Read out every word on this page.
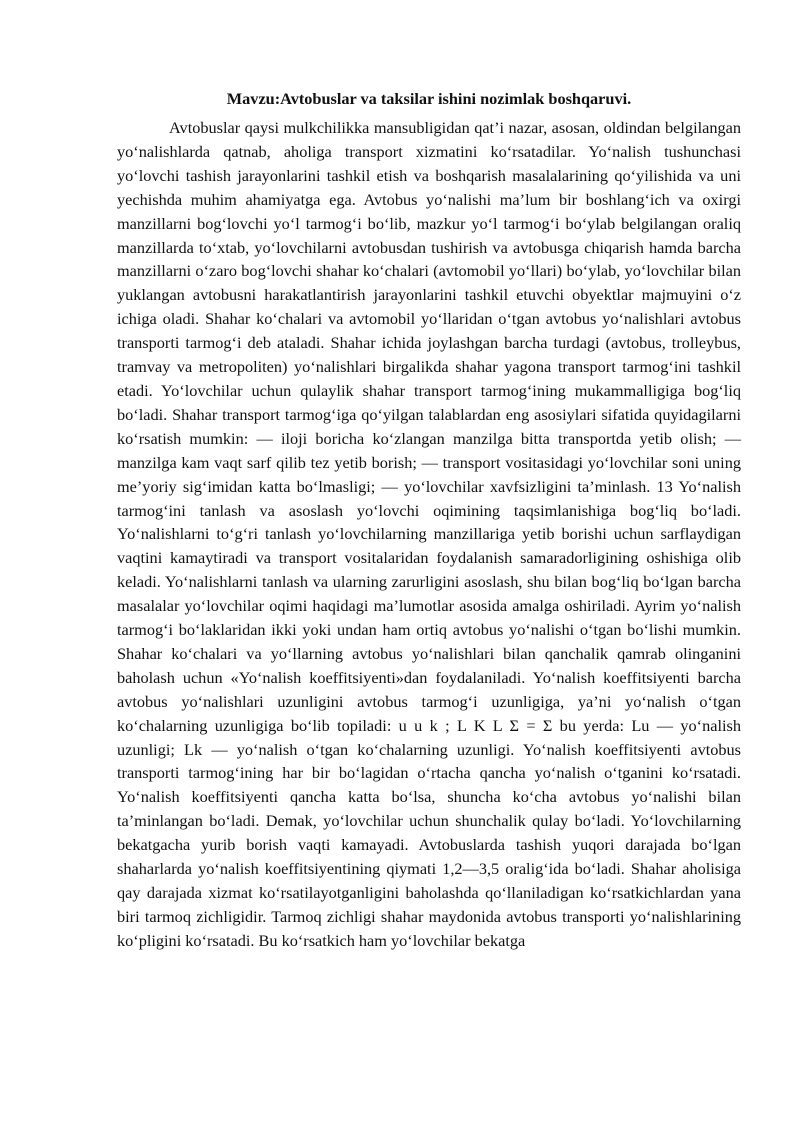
Mavzu:Avtobuslar va taksilar ishini nozimlak boshqaruvi.

Avtobuslar qaysi mulkchilikka mansubligidan qat’i nazar, asosan, oldindan belgilangan yo‘nalishlarda qatnab, aholiga transport xizmatini ko‘rsatadilar. Yo‘nalish tushunchasi yo‘lovchi tashish jarayonlarini tashkil etish va boshqarish masalalarining qo‘yilishida va uni yechishda muhim ahamiyatga ega. Avtobus yo‘nalishi ma’lum bir boshlang‘ich va oxirgi manzillarni bog‘lovchi yo‘l tarmog‘i bo‘lib, mazkur yo‘l tarmog‘i bo‘ylab belgilangan oraliq manzillarda to‘xtab, yo‘lovchilarni avtobusdan tushirish va avtobusga chiqarish hamda barcha manzillarni o‘zaro bog‘lovchi shahar ko‘chalari (avtomobil yo‘llari) bo‘ylab, yo‘lovchilar bilan yuklangan avtobusni harakatlantirish jarayonlarini tashkil etuvchi obyektlar majmuyini o‘z ichiga oladi. Shahar ko‘chalari va avtomobil yo‘llaridan o‘tgan avtobus yo‘nalishlari avtobus transporti tarmog‘i deb ataladi. Shahar ichida joylashgan barcha turdagi (avtobus, trolleybus, tramvay va metropoliten) yo‘nalishlari birgalikda shahar yagona transport tarmog‘ini tashkil etadi. Yo‘lovchilar uchun qulaylik shahar transport tarmog‘ining mukammalligiga bog‘liq bo‘ladi. Shahar transport tarmog‘iga qo‘yilgan talablardan eng asosiylari sifatida quyidagilarni ko‘rsatish mumkin: — iloji boricha ko‘zlangan manzilga bitta transportda yetib olish; — manzilga kam vaqt sarf qilib tez yetib borish; — transport vositasidagi yo‘lovchilar soni uning me’yoriy sig‘imidan katta bo‘lmasligi; — yo‘lovchilar xavfsizligini ta’minlash. 13 Yo‘nalish tarmog‘ini tanlash va asoslash yo‘lovchi oqimining taqsimlanishiga bog‘liq bo‘ladi. Yo‘nalishlarni to‘g‘ri tanlash yo‘lovchilarning manzillariga yetib borishi uchun sarflaydigan vaqtini kamaytiradi va transport vositalaridan foydalanish samaradorligining oshishiga olib keladi. Yo‘nalishlarni tanlash va ularning zarurligini asoslash, shu bilan bog‘liq bo‘lgan barcha masalalar yo‘lovchilar oqimi haqidagi ma’lumotlar asosida amalga oshiriladi. Ayrim yo‘nalish tarmog‘i bo‘laklaridan ikki yoki undan ham ortiq avtobus yo‘nalishi o‘tgan bo‘lishi mumkin. Shahar ko‘chalari va yo‘llarning avtobus yo‘nalishlari bilan qanchalik qamrab olinganini baholash uchun «Yo‘nalish koeffitsiyenti»dan foydalaniladi. Yo‘nalish koeffitsiyenti barcha avtobus yo‘nalishlari uzunligini avtobus tarmog‘i uzunligiga, ya’ni yo‘nalish o‘tgan ko‘chalarning uzunligiga bo‘lib topiladi: u u k ; L K L Σ = Σ bu yerda: Lu — yo‘nalish uzunligi; Lk — yo‘nalish o‘tgan ko‘chalarning uzunligi. Yo‘nalish koeffitsiyenti avtobus transporti tarmog‘ining har bir bo‘lagidan o‘rtacha qancha yo‘nalish o‘tganini ko‘rsatadi. Yo‘nalish koeffitsiyenti qancha katta bo‘lsa, shuncha ko‘cha avtobus yo‘nalishi bilan ta’minlangan bo‘ladi. Demak, yo‘lovchilar uchun shunchalik qulay bo‘ladi. Yo‘lovchilarning bekatgacha yurib borish vaqti kamayadi. Avtobuslarda tashish yuqori darajada bo‘lgan shaharlarda yo‘nalish koeffitsiyentining qiymati 1,2—3,5 oralig‘ida bo‘ladi. Shahar aholisiga qay darajada xizmat ko‘rsatilayotganligini baholashda qo‘llaniladigan ko‘rsatkichlardan yana biri tarmoq zichligidir. Tarmoq zichligi shahar maydonida avtobus transporti yo‘nalishlarining ko‘pligini ko‘rsatadi. Bu ko‘rsatkich ham yo‘lovchilar bekatga
